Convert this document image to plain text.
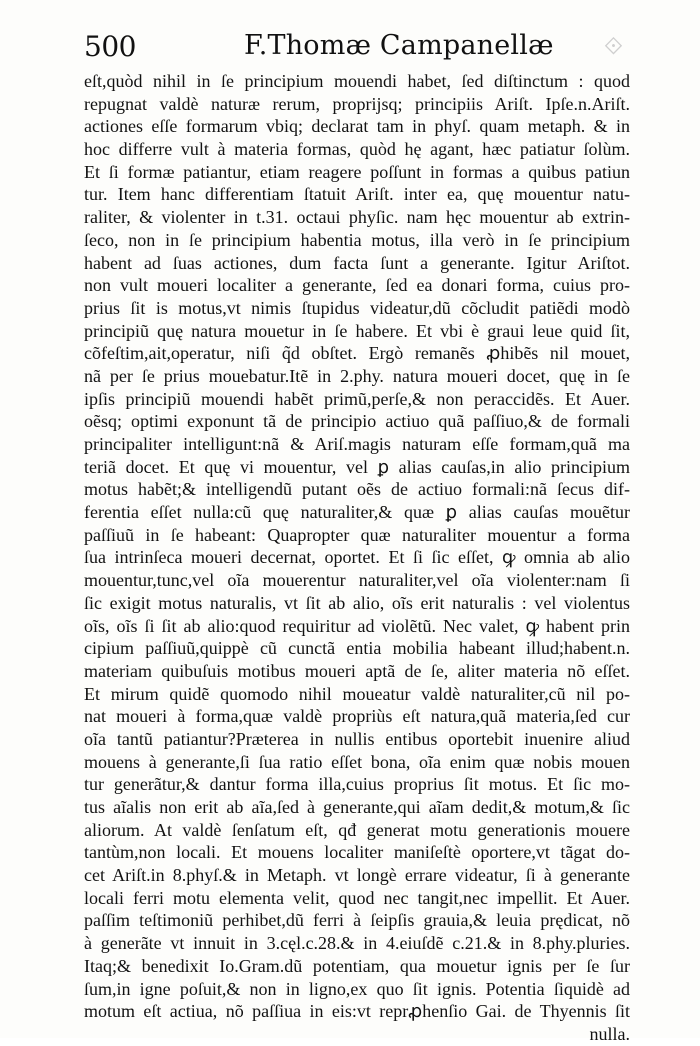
500	F.Thomæ Campanellæ ⟐
eſt,quòd nihil in ſe principium mouendi habet, ſed diſtinctum : quod
repugnat valdè naturæ rerum, proprijsq; principiis Ariſt. Ipſe.n.Ariſt.
actiones eſſe formarum vbiq; declarat tam in phyſ. quam metaph. & in
hoc differre vult à materia formas, quòd hę agant, hæc patiatur ſolùm.
Et ſi formæ patiantur, etiam reagere poſſunt in formas a quibus patiun
tur. Item hanc differentiam ſtatuit Ariſt. inter ea, quę mouentur natu-
raliter, & violenter in t.31. octaui phyſic. nam hęc mouentur ab extrin-
ſeco, non in ſe principium habentia motus, illa verò in ſe principium
habent ad ſuas actiones, dum facta ſunt a generante. Igitur Ariſtot.
non vult moueri localiter a generante, ſed ea donari forma, cuius pro-
prius ſit is motus,vt nimis ſtupidus videatur,dũ cõcludit patiẽdi modò
principiũ quę natura mouetur in ſe habere. Et vbi è graui leue quid ſit,
cõfeſtim,ait,operatur, niſi q̃d obſtet. Ergò remanẽs ꝓhibẽs nil mouet,
nã per ſe prius mouebatur.Itẽ in 2.phy. natura moueri docet, quę in ſe
ipſis principiũ mouendi habẽt primũ,perſe,& non peraccidẽs. Et Auer.
oẽsq; optimi exponunt tã de principio actiuo quã paſſiuo,& de formali
principaliter intelligunt:nã & Ariſ.magis naturam eſſe formam,quã ma
teriã docet. Et quę vi mouentur, vel ꝑ alias cauſas,in alio principium
motus habẽt;& intelligendũ putant oẽs de actiuo formali:nã ſecus dif-
ferentia eſſet nulla:cũ quę naturaliter,& quæ ꝑ alias cauſas mouẽtur
paſſiuũ in ſe habeant: Quapropter quæ naturaliter mouentur a forma
ſua intrinſeca moueri decernat, oportet. Et ſi ſic eſſet, ꝙ omnia ab alio
mouentur,tunc,vel oĩa mouerentur naturaliter,vel oĩa violenter:nam ſi
ſic exigit motus naturalis, vt ſit ab alio, oĩs erit naturalis : vel violentus
oĩs, oĩs ſi ſit ab alio:quod requiritur ad violẽtũ. Nec valet, ꝙ habent prin
cipium paſſiuũ,quippè cũ cunctã entia mobilia habeant illud;habent.n.
materiam quibuſuis motibus moueri aptã de ſe, aliter materia nõ eſſet.
Et mirum quidẽ quomodo nihil moueatur valdè naturaliter,cũ nil po-
nat moueri à forma,quæ valdè propriùs eſt natura,quã materia,ſed cur
oĩa tantũ patiantur?Præterea in nullis entibus oportebit inuenire aliud
mouens à generante,ſi ſua ratio eſſet bona, oĩa enim quæ nobis mouen
tur generãtur,& dantur forma illa,cuius proprius ſit motus. Et ſic mo-
tus aĩalis non erit ab aĩa,ſed à generante,qui aĩam dedit,& motum,& ſic
aliorum. At valdè ſenſatum eſt, qđ generat motu generationis mouere
tantùm,non locali. Et mouens localiter maniſeſtè oportere,vt tãgat do-
cet Ariſt.in 8.phyſ.& in Metaph. vt longè errare videatur, ſi à generante
locali ferri motu elementa velit, quod nec tangit,nec impellit. Et Auer.
paſſim teſtimoniũ perhibet,dũ ferri à ſeipſis grauia,& leuia prędicat, nõ
à generãte vt innuit in 3.cęl.c.28.& in 4.eiuſdẽ c.21.& in 8.phy.pluries.
Itaq;& benedixit Io.Gram.dũ potentiam, qua mouetur ignis per ſe ſur
ſum,in igne poſuit,& non in ligno,ex quo ſit ignis. Potentia ſiquidè ad
motum eſt actiua, nõ paſſiua in eis:vt reprꝓhenſio Gai. de Thyennis ſit
nulla.
